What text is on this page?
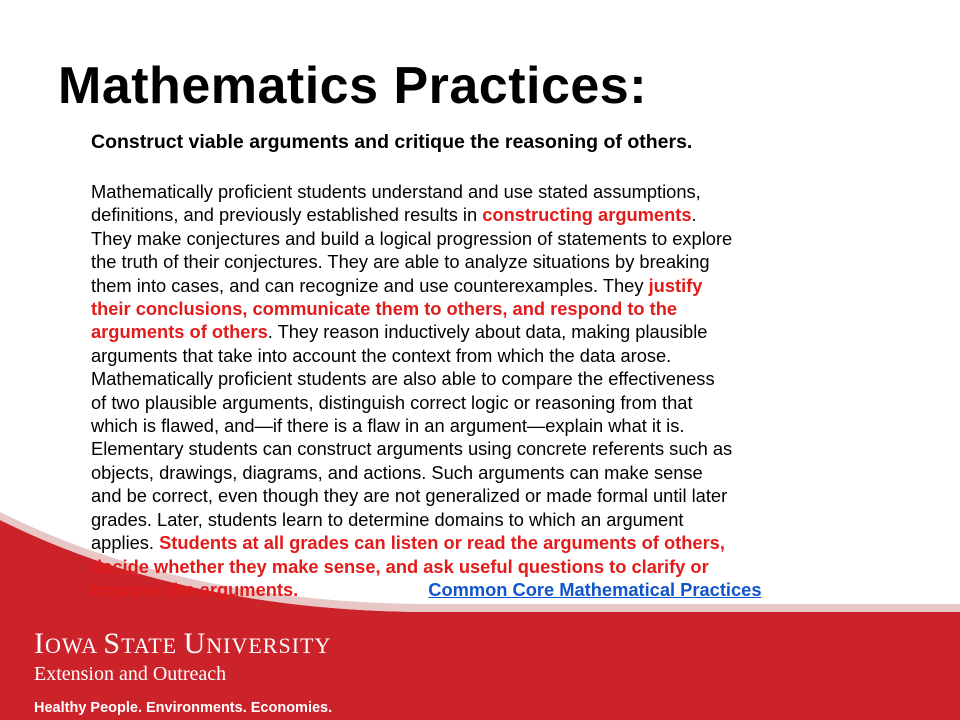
Mathematics Practices:
Construct viable arguments and critique the reasoning of others.
Mathematically proficient students understand and use stated assumptions,
definitions, and previously established results in constructing arguments.
They make conjectures and build a logical progression of statements to explore
the truth of their conjectures. They are able to analyze situations by breaking
them into cases, and can recognize and use counterexamples. They justify
their conclusions, communicate them to others, and respond to the
arguments of others. They reason inductively about data, making plausible
arguments that take into account the context from which the data arose.
Mathematically proficient students are also able to compare the effectiveness
of two plausible arguments, distinguish correct logic or reasoning from that
which is flawed, and—if there is a flaw in an argument—explain what it is.
Elementary students can construct arguments using concrete referents such as
objects, drawings, diagrams, and actions. Such arguments can make sense
and be correct, even though they are not generalized or made formal until later
grades. Later, students learn to determine domains to which an argument
applies. Students at all grades can listen or read the arguments of others,
decide whether they make sense, and ask useful questions to clarify or
improve the arguments.	Common Core Mathematical Practices
IOWA STATE UNIVERSITY
Extension and Outreach
Healthy People. Environments. Economies.
